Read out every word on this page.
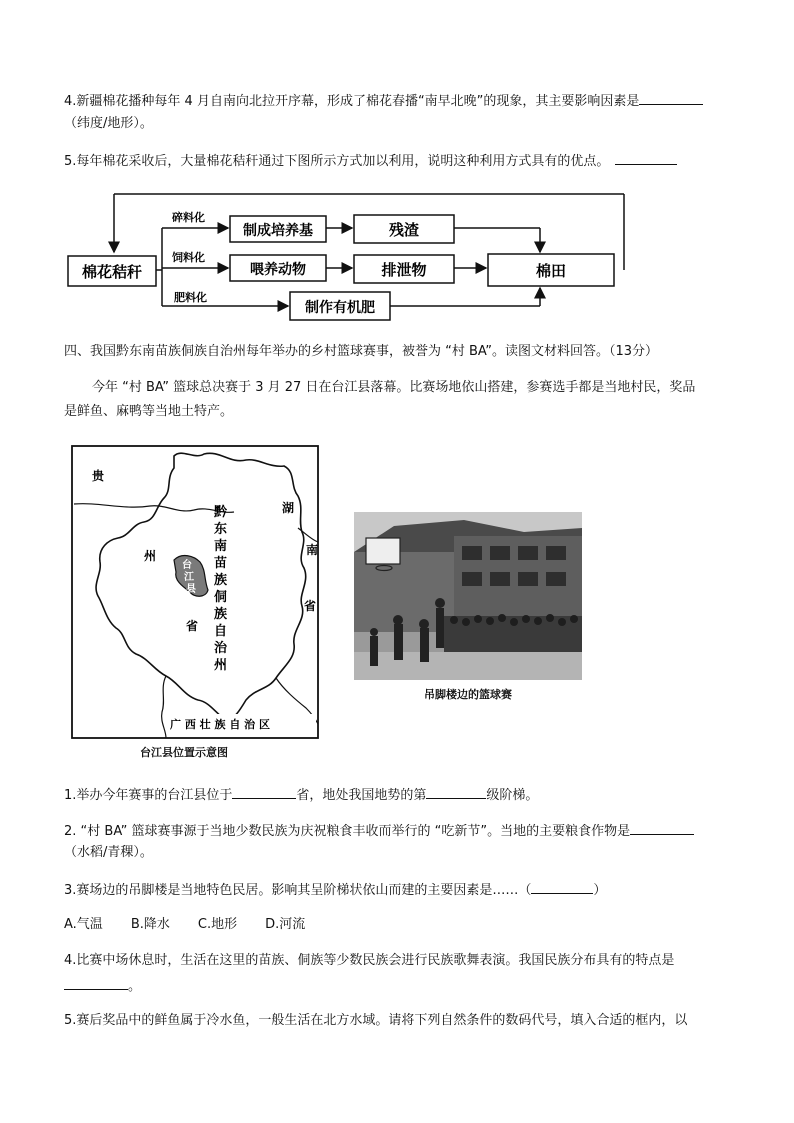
4.新疆棉花播种每年 4 月自南向北拉开序幕，形成了棉花春播“南早北晚”的现象，其主要影响因素是
（纬度/地形）。
5.每年棉花采收后，大量棉花秸秆通过下图所示方式加以利用，说明这种利用方式具有的优点。
棉花秸秆
碎料化
制成培养基	残渣
饲料化
喂养动物	排泄物	棉田
肥料化
制作有机肥
四、我国黔东南苗族侗族自治州每年举办的乡村篮球赛事，被誉为 “村 BA”。读图文材料回答。（13分）
今年 “村 BA” 篮球总决赛于 3 月 27 日在台江县落幕。比赛场地依山搭建，参赛选手都是当地村民，奖品
是鲜鱼、麻鸭等当地土特产。
台
江
县
贵
州
省
湖
南
省
黔
东
南
苗
族
侗
族
自
治
州
广 西 壮 族 自 治 区
台江县位置示意图
吊脚楼边的篮球赛
1.举办今年赛事的台江县位于	省，地处我国地势的第	级阶梯。
2. “村 BA” 篮球赛事源于当地少数民族为庆祝粮食丰收而举行的 “吃新节”。当地的主要粮食作物是
（水稻/青稞）。
3.赛场边的吊脚楼是当地特色民居。影响其呈阶梯状依山而建的主要因素是……（	）
A.气温 B.降水 C.地形 D.河流
4.比赛中场休息时，生活在这里的苗族、侗族等少数民族会进行民族歌舞表演。我国民族分布具有的特点是
。
5.赛后奖品中的鲜鱼属于冷水鱼，一般生活在北方水域。请将下列自然条件的数码代号，填入合适的框内，以
